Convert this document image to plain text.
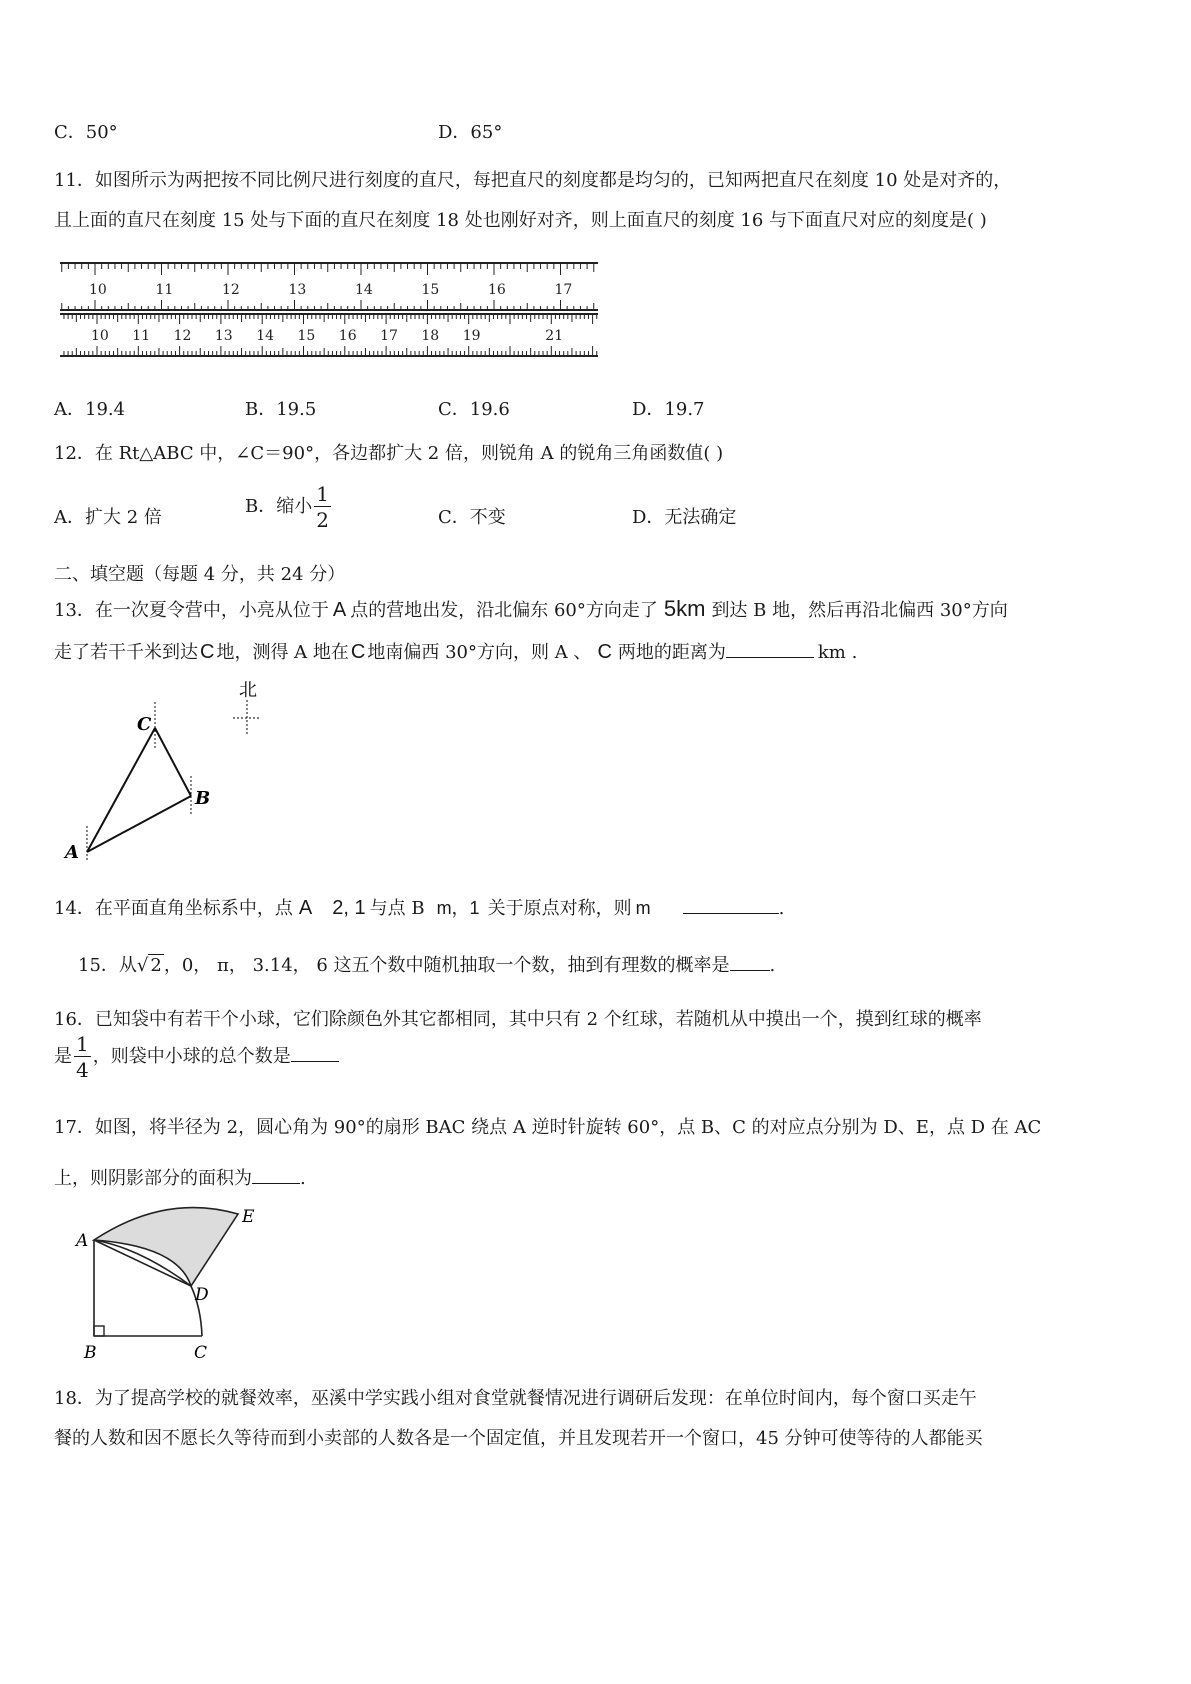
C．50°	D．65°
11．如图所示为两把按不同比例尺进行刻度的直尺，每把直尺的刻度都是均匀的，已知两把直尺在刻度 10 处是对齐的，
且上面的直尺在刻度 15 处与下面的直尺在刻度 18 处也刚好对齐，则上面直尺的刻度 16 与下面直尺对应的刻度是( )
10	11	12	13	14	15	16	17
10 11 12 13 14 15 16 17 18 19	21
A．19.4	B．19.5	C．19.6	D．19.7
12．在 Rt△ABC 中，∠C＝90°，各边都扩大 2 倍，则锐角 A 的锐角三角函数值( )
A．扩大 2 倍
B．缩小 $\frac{1}{2}$	C．不变	D．无法确定
二、填空题（每题 4 分，共 24 分）
13．在一次夏令营中，小亮从位于 A 点的营地出发，沿北偏东 60°方向走了 5km 到达 B 地，然后再沿北偏西 30°方向
走了若干千米到达 C 地，测得 A 地在 C 地南偏西 30°方向，则 A 、 C 两地的距离为	km .
北
C
B
A
14．在平面直角坐标系中，点 A 2, 1 与点 B m，1 关于原点对称，则 m	.
15．从√ 2 ，0， π， 3.14， 6 这五个数中随机抽取一个数，抽到有理数的概率是 .
16．已知袋中有若干个小球，它们除颜色外其它都相同，其中只有 2 个红球，若随机从中摸出一个，摸到红球的概率
是 $\frac{1}{4}$ ，则袋中小球的总个数是
17．如图，将半径为 2，圆心角为 90°的扇形 BAC 绕点 A 逆时针旋转 60°，点 B、C 的对应点分别为 D、E，点 D 在 AC
上，则阴影部分的面积为	.
A
B	C
D
E
18．为了提高学校的就餐效率，巫溪中学实践小组对食堂就餐情况进行调研后发现：在单位时间内，每个窗口买走午
餐的人数和因不愿长久等待而到小卖部的人数各是一个固定值，并且发现若开一个窗口，45 分钟可使等待的人都能买
